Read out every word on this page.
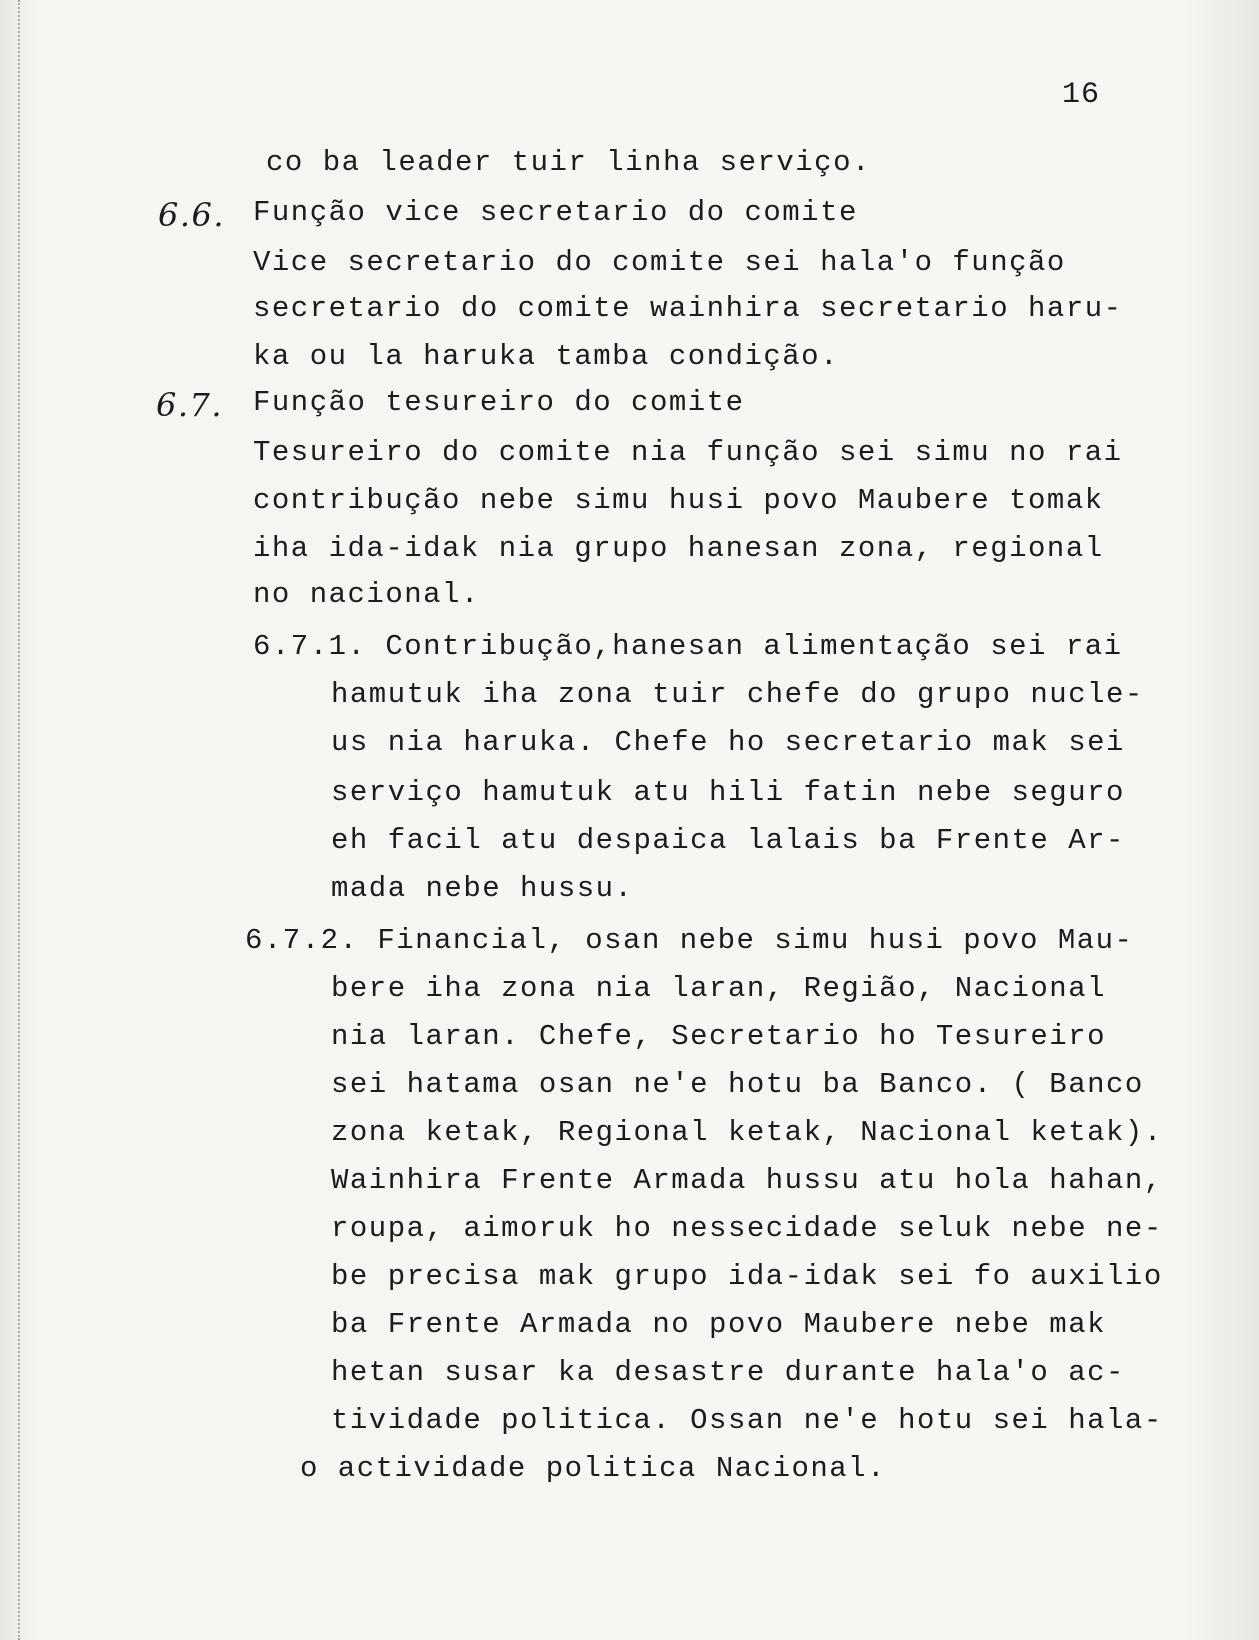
16
co ba leader tuir linha serviço.
6.6. Função vice secretario do comite
Vice secretario do comite sei hala'o função
secretario do comite wainhira secretario haru-
ka ou la haruka tamba condição.
6.7. Função tesureiro do comite
Tesureiro do comite nia função sei simu no rai
contribução nebe simu husi povo Maubere tomak
iha ida-idak nia grupo hanesan zona, regional
no nacional.
6.7.1. Contribução,hanesan alimentação sei rai
hamutuk iha zona tuir chefe do grupo nucle-
us nia haruka. Chefe ho secretario mak sei
serviço hamutuk atu hili fatin nebe seguro
eh facil atu despaica lalais ba Frente Ar-
mada nebe hussu.
6.7.2. Financial, osan nebe simu husi povo Mau-
bere iha zona nia laran, Região, Nacional
nia laran. Chefe, Secretario ho Tesureiro
sei hatama osan ne'e hotu ba Banco. ( Banco
zona ketak, Regional ketak, Nacional ketak).
Wainhira Frente Armada hussu atu hola hahan,
roupa, aimoruk ho nessecidade seluk nebe ne-
be precisa mak grupo ida-idak sei fo auxilio
ba Frente Armada no povo Maubere nebe mak
hetan susar ka desastre durante hala'o ac-
tividade politica. Ossan ne'e hotu sei hala-
o actividade politica Nacional.
